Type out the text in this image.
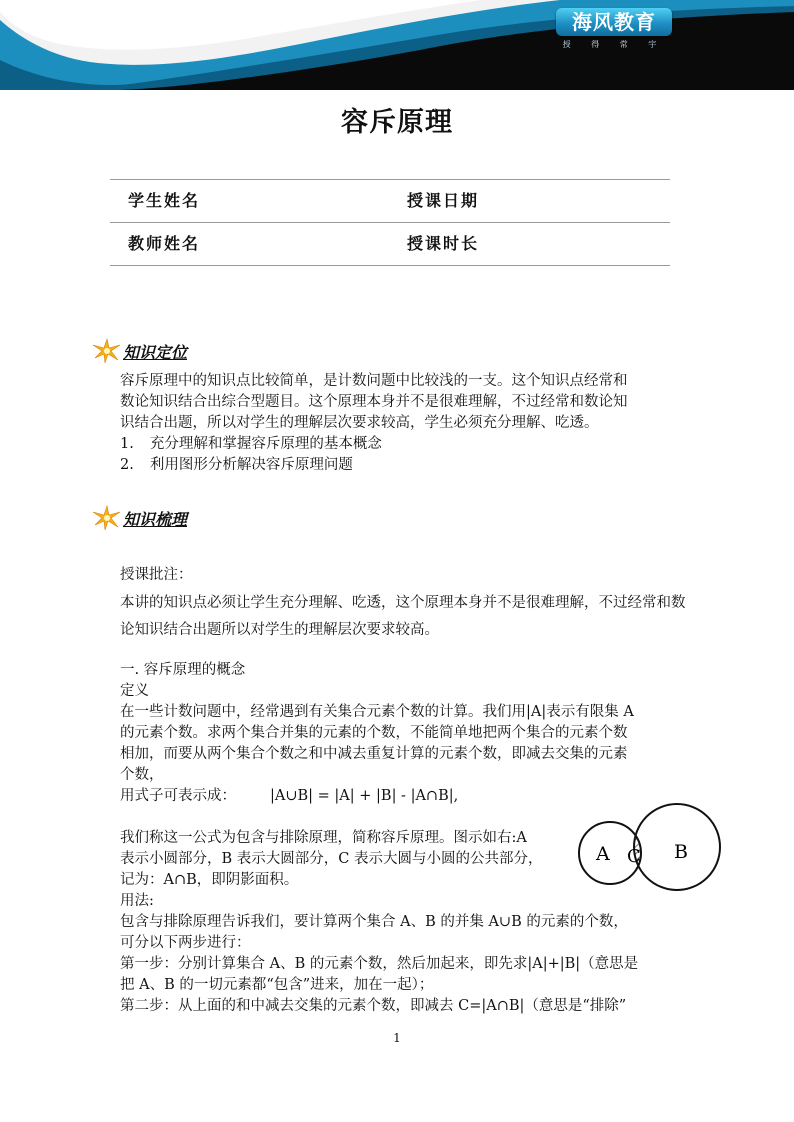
海风教育
授 得 常 宇
容斥原理
学生姓名	授课日期
教师姓名	授课时长
知识定位
容斥原理中的知识点比较简单，是计数问题中比较浅的一支。这个知识点经常和
数论知识结合出综合型题目。这个原理本身并不是很难理解，不过经常和数论知
识结合出题，所以对学生的理解层次要求较高，学生必须充分理解、吃透。
1. 充分理解和掌握容斥原理的基本概念
2. 利用图形分析解决容斥原理问题
知识梳理
授课批注：
本讲的知识点必须让学生充分理解、吃透，这个原理本身并不是很难理解，不过经常和数
论知识结合出题所以对学生的理解层次要求较高。
一. 容斥原理的概念
定义
在一些计数问题中，经常遇到有关集合元素个数的计算。我们用|A|表示有限集 A
的元素个数。求两个集合并集的元素的个数，不能简单地把两个集合的元素个数
相加，而要从两个集合个数之和中减去重复计算的元素个数，即减去交集的元素
个数，
用式子可表示成： |A∪B| = |A| + |B| - |A∩B|,
我们称这一公式为包含与排除原理，简称容斥原理。图示如右:A
表示小圆部分，B 表示大圆部分，C 表示大圆与小圆的公共部分，
记为：A∩B，即阴影面积。
用法:
包含与排除原理告诉我们，要计算两个集合 A、B 的并集 A∪B 的元素的个数，
可分以下两步进行：
第一步：分别计算集合 A、B 的元素个数，然后加起来，即先求|A|+|B|（意思是
把 A、B 的一切元素都“包含”进来，加在一起）；
第二步：从上面的和中减去交集的元素个数，即减去 C=|A∩B|（意思是“排除”
A C B
1
